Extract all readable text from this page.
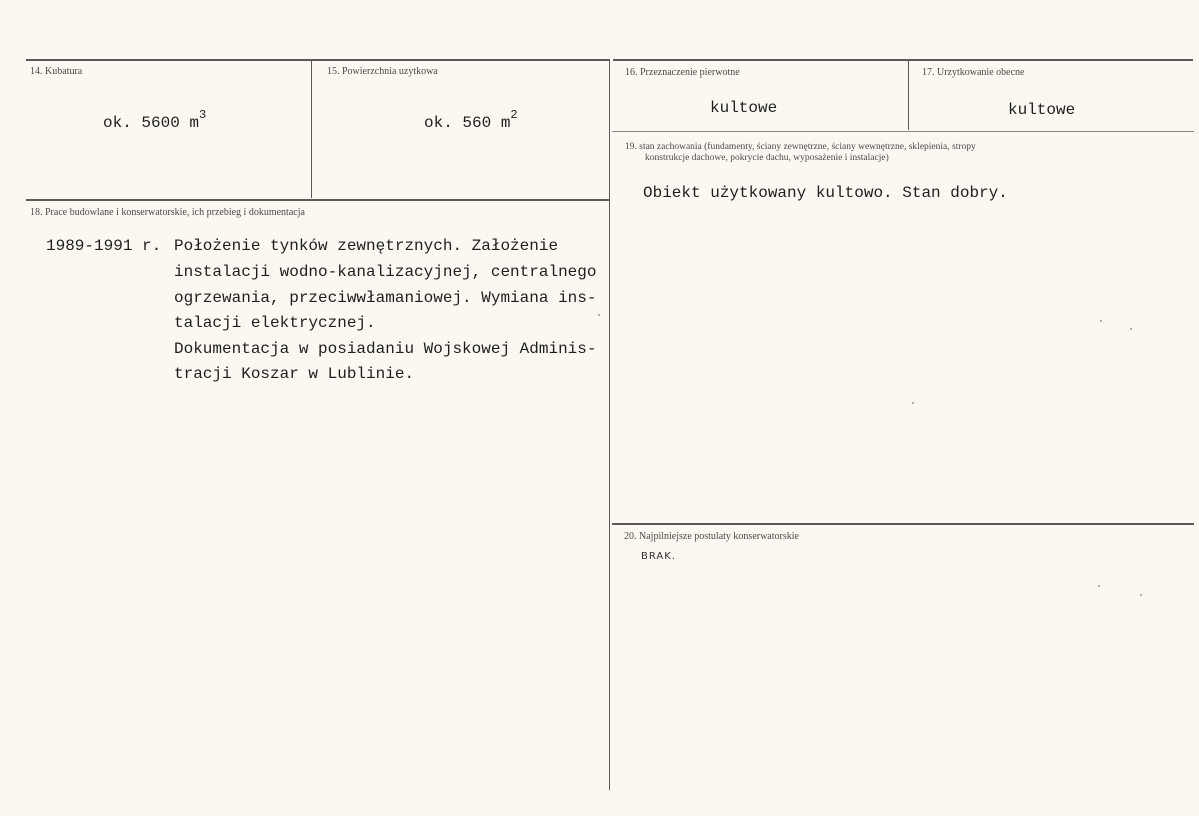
14. Kubatura
ok. 5600 $m^3$
15. Powierzchnia uzytkowa
ok. 560 $m^2$
16. Przeznaczenie pierwotne
kultowe
17. Urzytkowanie obecne
kultowe
18. Prace budowlane i konserwatorskie, ich przebieg i dokumentacja
1989-1991 r. Położenie tynków zewnętrznych. Założenie
instalacji wodno-kanalizacyjnej, centralnego
ogrzewania, przeciwwłamaniowej. Wymiana ins-
talacji elektrycznej.
Dokumentacja w posiadaniu Wojskowej Adminis-
tracji Koszar w Lublinie.
19. stan zachowania (fundamenty, ściany zewnętrzne, ściany wewnętrzne, sklepienia, stropy
konstrukcje dachowe, pokrycie dachu, wyposażenie i instalacje)
Obiekt użytkowany kultowo. Stan dobry.
20. Najpilniejsze postulaty konserwatorskie
BRAK.
